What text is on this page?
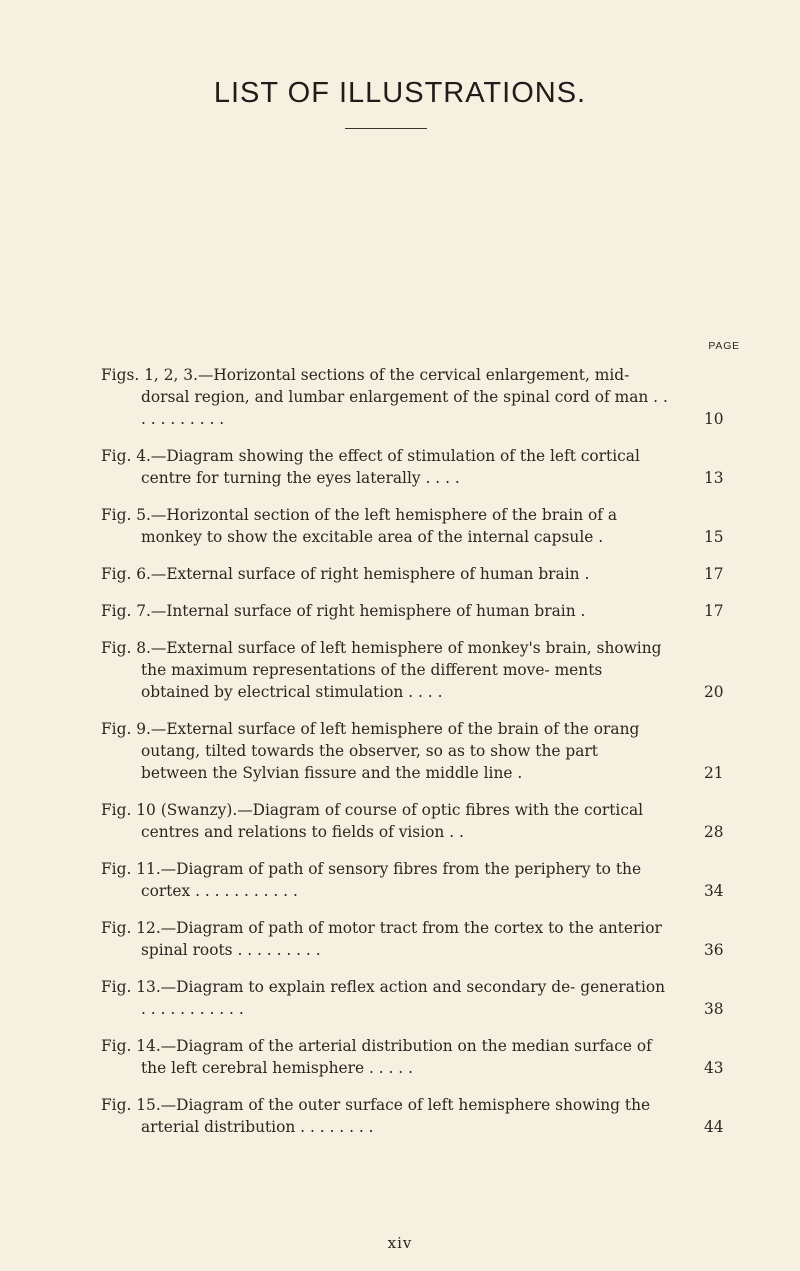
LIST OF ILLUSTRATIONS.
PAGE
Figs. 1, 2, 3.—Horizontal sections of the cervical enlargement, mid-dorsal region, and lumbar enlargement of the spinal cord of man . . . . . . . . . . .	10
Fig. 4.—Diagram showing the effect of stimulation of the left cortical centre for turning the eyes laterally . . . .	13
Fig. 5.—Horizontal section of the left hemisphere of the brain of a monkey to show the excitable area of the internal capsule .	15
Fig. 6.—External surface of right hemisphere of human brain .	17
Fig. 7.—Internal surface of right hemisphere of human brain .	17
Fig. 8.—External surface of left hemisphere of monkey's brain, showing the maximum representations of the different move- ments obtained by electrical stimulation . . . .	20
Fig. 9.—External surface of left hemisphere of the brain of the orang outang, tilted towards the observer, so as to show the part between the Sylvian fissure and the middle line .	21
Fig. 10 (Swanzy).—Diagram of course of optic fibres with the cortical centres and relations to fields of vision . .	28
Fig. 11.—Diagram of path of sensory fibres from the periphery to the cortex . . . . . . . . . . .	34
Fig. 12.—Diagram of path of motor tract from the cortex to the anterior spinal roots . . . . . . . . .	36
Fig. 13.—Diagram to explain reflex action and secondary de- generation . . . . . . . . . . .	38
Fig. 14.—Diagram of the arterial distribution on the median surface of the left cerebral hemisphere . . . . .	43
Fig. 15.—Diagram of the outer surface of left hemisphere showing the arterial distribution . . . . . . . .	44
xiv
